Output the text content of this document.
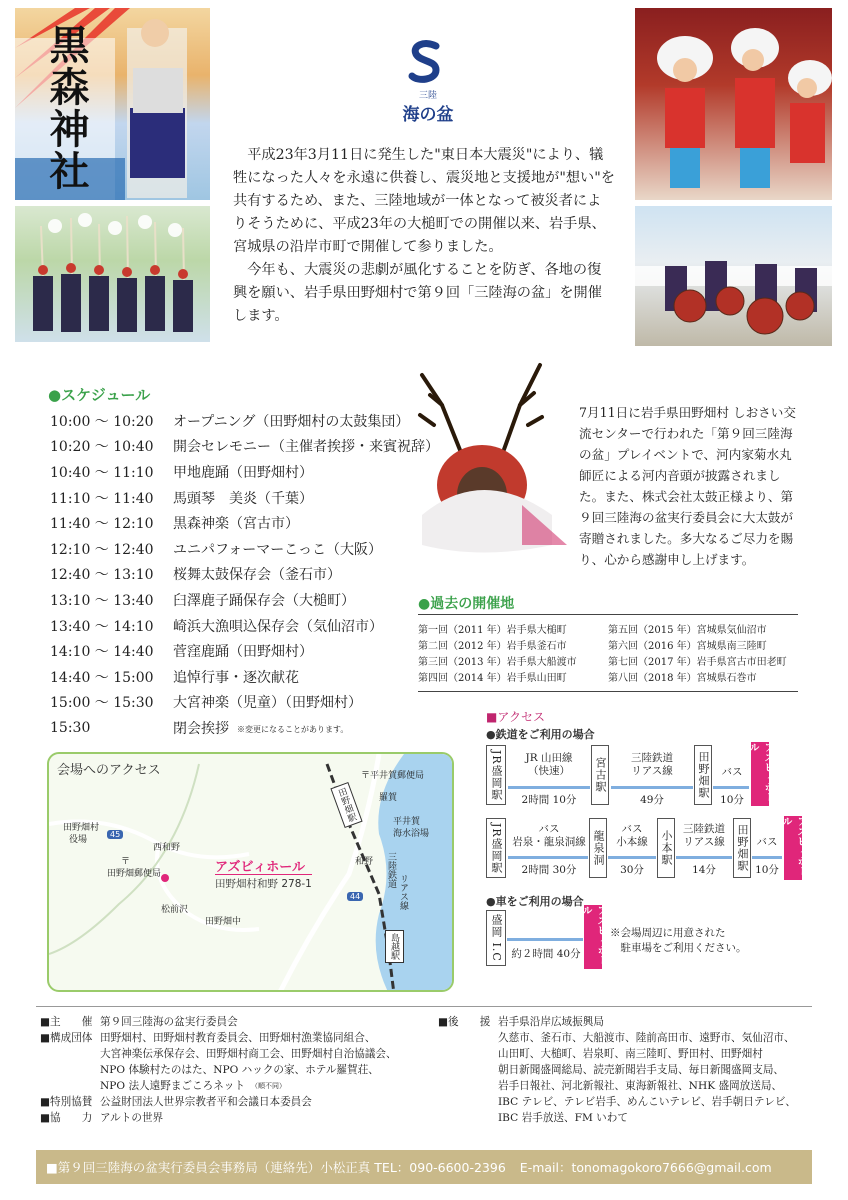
黒森神社	三陸
海の盆

平成23年3月11日に発生した"東日本大震災"により、犠牲になった人々を永遠に供養し、震災地と支援地が"想い"を共有するため、また、三陸地域が一体となって被災者によりそうために、平成23年の大槌町での開催以来、岩手県、宮城県の沿岸市町で開催して参りました。

今年も、大震災の悲劇が風化することを防ぎ、各地の復興を願い、岩手県田野畑村で第９回「三陸海の盆」を開催します。

●スケジュール
10:00 ～ 10:20	オープニング（田野畑村の太鼓集団）
10:20 ～ 10:40	開会セレモニー（主催者挨拶・来賓祝辞）
10:40 ～ 11:10	甲地鹿踊（田野畑村）
11:10 ～ 11:40	馬頭琴　美炎（千葉）
11:40 ～ 12:10	黒森神楽（宮古市）
12:10 ～ 12:40	ユニパフォーマーこっこ（大阪）
12:40 ～ 13:10	桜舞太鼓保存会（釜石市）
13:10 ～ 13:40	臼澤鹿子踊保存会（大槌町）
13:40 ～ 14:10	崎浜大漁唄込保存会（気仙沼市）
14:10 ～ 14:40	菅窪鹿踊（田野畑村）
14:40 ～ 15:00	追悼行事・逐次献花
15:00 ～ 15:30	大宮神楽（児童）（田野畑村）
15:30	閉会挨拶 ※変更になることがあります。
7月11日に岩手県田野畑村 しおさい交流センターで行われた「第９回三陸海の盆」プレイベントで、河内家菊水丸師匠による河内音頭が披露されました。また、株式会社太鼓正様より、第９回三陸海の盆実行委員会に大太鼓が寄贈されました。多大なるご尽力を賜り、心から感謝申し上げます。
●過去の開催地
第一回（2011 年）岩手県大槌町
第二回（2012 年）岩手県釜石市
第三回（2013 年）岩手県大船渡市
第四回（2014 年）岩手県山田町
第五回（2015 年）宮城県気仙沼市
第六回（2016 年）宮城県南三陸町
第七回（2017 年）岩手県宮古市田老町
第八回（2018 年）宮城県石巻市
〒平井賀郵便局
羅賀
平井賀
海水浴場
田野畑村
役場
西和野
〒
田野畑郵便局
和野 三陸鉄道
リアス線
松前沢
田野畑中
島越駅
田野畑駅
45
44
アズビィホール
田野畑村和野 278-1
会場へのアクセス
■アクセス
●鉄道をご利用の場合
JR盛岡駅	JR 山田線
（快速）
2時間 10分
宮古駅	三陸鉄道
リアス線
49分
田野畑駅	バス
10分	アズビィホール
JR盛岡駅	バス
岩泉・龍泉洞線
2時間 30分
龍泉洞
バス
小本線
30分
小本駅
三陸鉄道
リアス線
14分	田野畑駅 バス
10分	アズビィホール
●車をご利用の場合
盛岡 I.C 約２時間 40分	アズビィホール
※会場周辺に用意された
　駐車場をご利用ください。
■主　　催 第９回三陸海の盆実行委員会
■構成団体 田野畑村、田野畑村教育委員会、田野畑村漁業協同組合、
大宮神楽伝承保存会、田野畑村商工会、田野畑村自治協議会、
NPO 体験村たのはた、NPO ハックの家、ホテル羅賀荘、
NPO 法人遠野まごころネット （順不同）
■特別協賛 公益財団法人世界宗教者平和会議日本委員会
■協　　力 アルトの世界
■後　　援 岩手県沿岸広域振興局
久慈市、釜石市、大船渡市、陸前高田市、遠野市、気仙沼市、
山田町、大槌町、岩泉町、南三陸町、野田村、田野畑村
朝日新聞盛岡総局、読売新聞岩手支局、毎日新聞盛岡支局、
岩手日報社、河北新報社、東海新報社、NHK 盛岡放送局、
IBC テレビ、テレビ岩手、めんこいテレビ、岩手朝日テレビ、
IBC 岩手放送、FM いわて
■第９回三陸海の盆実行委員会事務局（連絡先）小松正真 TEL：090-6600-2396 E-mail：tonomagokoro7666@gmail.com
